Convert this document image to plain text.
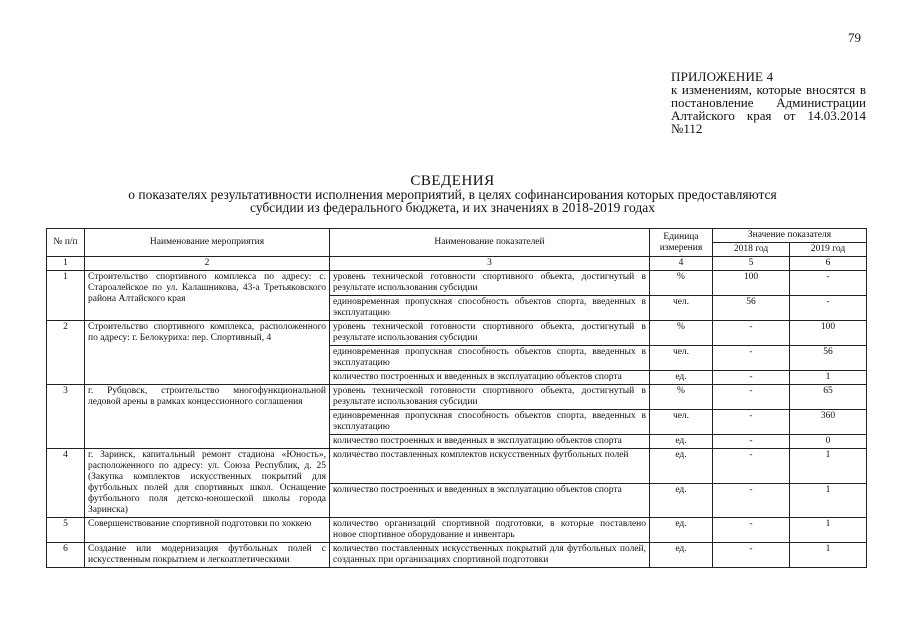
79
ПРИЛОЖЕНИЕ 4
к изменениям, которые вносятся в постановление Администрации Алтайского края от 14.03.2014 №112
СВЕДЕНИЯ
о показателях результативности исполнения мероприятий, в целях софинансирования которых предоставляются
субсидии из федерального бюджета, и их значениях в 2018-2019 годах
№ п/п	Наименование мероприятия	Наименование показателей	Единица измерения	Значение показателя	
				2018 год	2019 год
1	2	3	4	5	6
1	Строительство спортивного комплекса по адресу: с. Староалейское по ул. Калашникова, 43-а Третьяковского района Алтайского края	уровень технической готовности спортивного объекта, достигнутый в результате использования субсидии	%	100	-
		единовременная пропускная способность объектов спорта, введенных в эксплуатацию	чел.	56	-
2	Строительство спортивного комплекса, расположенного по адресу: г. Белокуриха: пер. Спортивный, 4	уровень технической готовности спортивного объекта, достигнутый в результате использования субсидии	%	-	100
		единовременная пропускная способность объектов спорта, введенных в эксплуатацию	чел.	-	56
		количество построенных и введенных в эксплуатацию объектов спорта	ед.	-	1
3	г. Рубцовск, строительство многофункциональной ледовой арены в рамках концессионного соглашения	уровень технической готовности спортивного объекта, достигнутый в результате использования субсидии	%	-	65
		единовременная пропускная способность объектов спорта, введенных в эксплуатацию	чел.	-	360
		количество построенных и введенных в эксплуатацию объектов спорта	ед.	-	0
4	г. Заринск, капитальный ремонт стадиона «Юность», расположенного по адресу: ул. Союза Республик, д. 25 (Закупка комплектов искусственных покрытий для футбольных полей для спортивных школ. Оснащение футбольного поля детско-юношеской школы города Заринска)	количество поставленных комплектов искусственных футбольных полей	ед.	-	1
		количество построенных и введенных в эксплуатацию объектов спорта	ед.	-	1
5	Совершенствование спортивной подготовки по хоккею	количество организаций спортивной подготовки, в которые поставлено новое спортивное оборудование и инвентарь	ед.	-	1
6	Создание или модернизация футбольных полей с искусственным покрытием и легкоатлетическими	количество поставленных искусственных покрытий для футбольных полей, созданных при организациях спортивной подготовки	ед.	-	1
